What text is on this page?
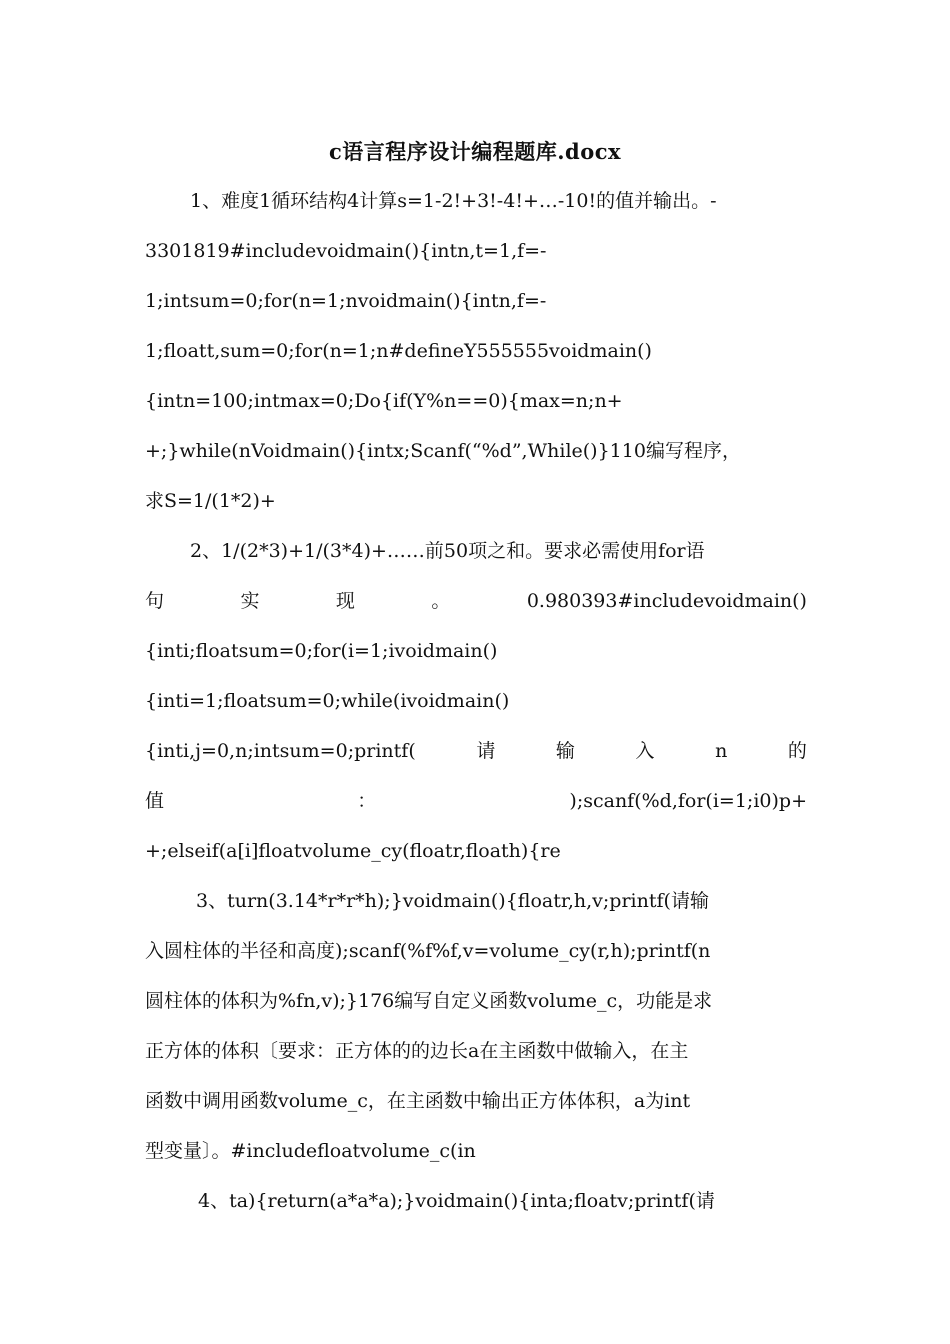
c语言程序设计编程题库.docx
1、难度1循环结构4计算s=1-2!+3!-4!+…-10!的值并输出。-
3301819#includevoidmain(){intn,t=1,f=-
1;intsum=0;for(n=1;nvoidmain(){intn,f=-
1;floatt,sum=0;for(n=1;n#defineY555555voidmain()
{intn=100;intmax=0;Do{if(Y%n==0){max=n;n+
+;}while(nVoidmain(){intx;Scanf(“%d”,While()}110编写程序，
求S=1/(1*2)+
2、1/(2*3)+1/(3*4)+……前50项之和。要求必需使用for语
句	实	现	。	0.980393#includevoidmain()
{inti;floatsum=0;for(i=1;ivoidmain()
{inti=1;floatsum=0;while(ivoidmain()
{inti,j=0,n;intsum=0;printf(	请	输	入	n	的
值	：	);scanf(%d,for(i=1;i0)p+
+;elseif(a[i]floatvolume_cy(floatr,floath){re
3、turn(3.14*r*r*h);}voidmain(){floatr,h,v;printf(请输
入圆柱体的半径和高度);scanf(%f%f,v=volume_cy(r,h);printf(n
圆柱体的体积为%fn,v);}176编写自定义函数volume_c，功能是求
正方体的体积〔要求：正方体的的边长a在主函数中做输入，在主
函数中调用函数volume_c，在主函数中输出正方体体积，a为int
型变量〕。#includefloatvolume_c(in
4、ta){return(a*a*a);}voidmain(){inta;floatv;printf(请
